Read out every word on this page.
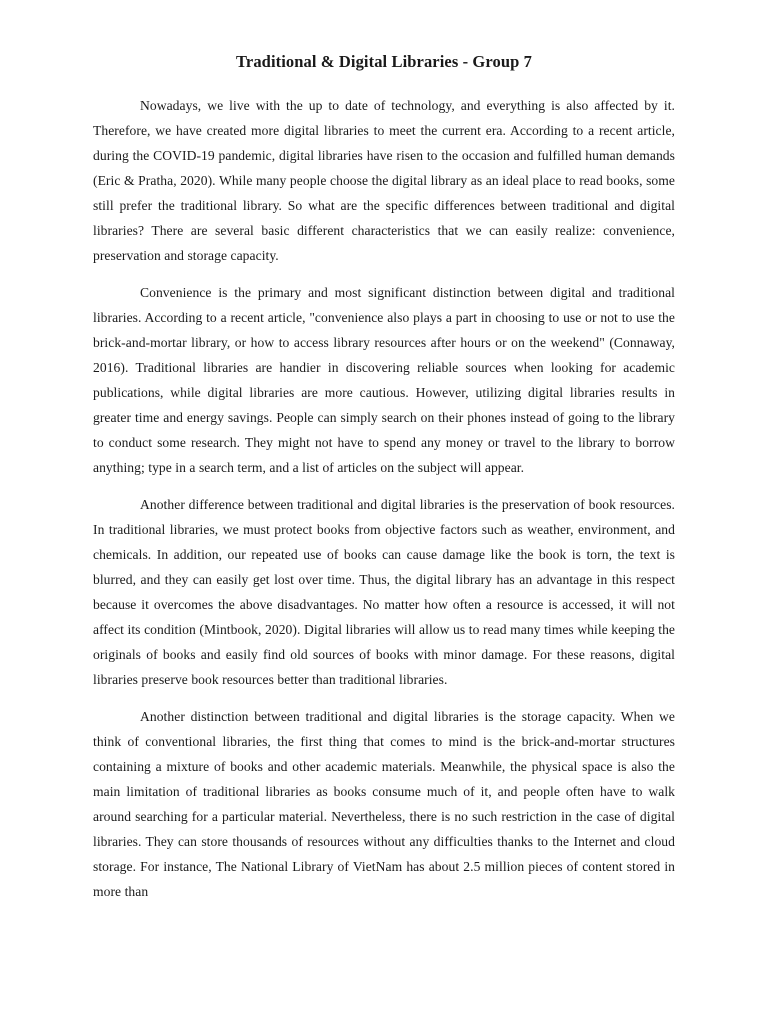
Traditional & Digital Libraries - Group 7

Nowadays, we live with the up to date of technology, and everything is also affected by it. Therefore, we have created more digital libraries to meet the current era. According to a recent article, during the COVID-19 pandemic, digital libraries have risen to the occasion and fulfilled human demands (Eric & Pratha, 2020). While many people choose the digital library as an ideal place to read books, some still prefer the traditional library. So what are the specific differences between traditional and digital libraries? There are several basic different characteristics that we can easily realize: convenience, preservation and storage capacity.

Convenience is the primary and most significant distinction between digital and traditional libraries. According to a recent article, "convenience also plays a part in choosing to use or not to use the brick-and-mortar library, or how to access library resources after hours or on the weekend" (Connaway, 2016). Traditional libraries are handier in discovering reliable sources when looking for academic publications, while digital libraries are more cautious. However, utilizing digital libraries results in greater time and energy savings. People can simply search on their phones instead of going to the library to conduct some research. They might not have to spend any money or travel to the library to borrow anything; type in a search term, and a list of articles on the subject will appear.

Another difference between traditional and digital libraries is the preservation of book resources. In traditional libraries, we must protect books from objective factors such as weather, environment, and chemicals. In addition, our repeated use of books can cause damage like the book is torn, the text is blurred, and they can easily get lost over time. Thus, the digital library has an advantage in this respect because it overcomes the above disadvantages. No matter how often a resource is accessed, it will not affect its condition (Mintbook, 2020). Digital libraries will allow us to read many times while keeping the originals of books and easily find old sources of books with minor damage. For these reasons, digital libraries preserve book resources better than traditional libraries.

Another distinction between traditional and digital libraries is the storage capacity. When we think of conventional libraries, the first thing that comes to mind is the brick-and-mortar structures containing a mixture of books and other academic materials. Meanwhile, the physical space is also the main limitation of traditional libraries as books consume much of it, and people often have to walk around searching for a particular material. Nevertheless, there is no such restriction in the case of digital libraries. They can store thousands of resources without any difficulties thanks to the Internet and cloud storage. For instance, The National Library of VietNam has about 2.5 million pieces of content stored in more than
